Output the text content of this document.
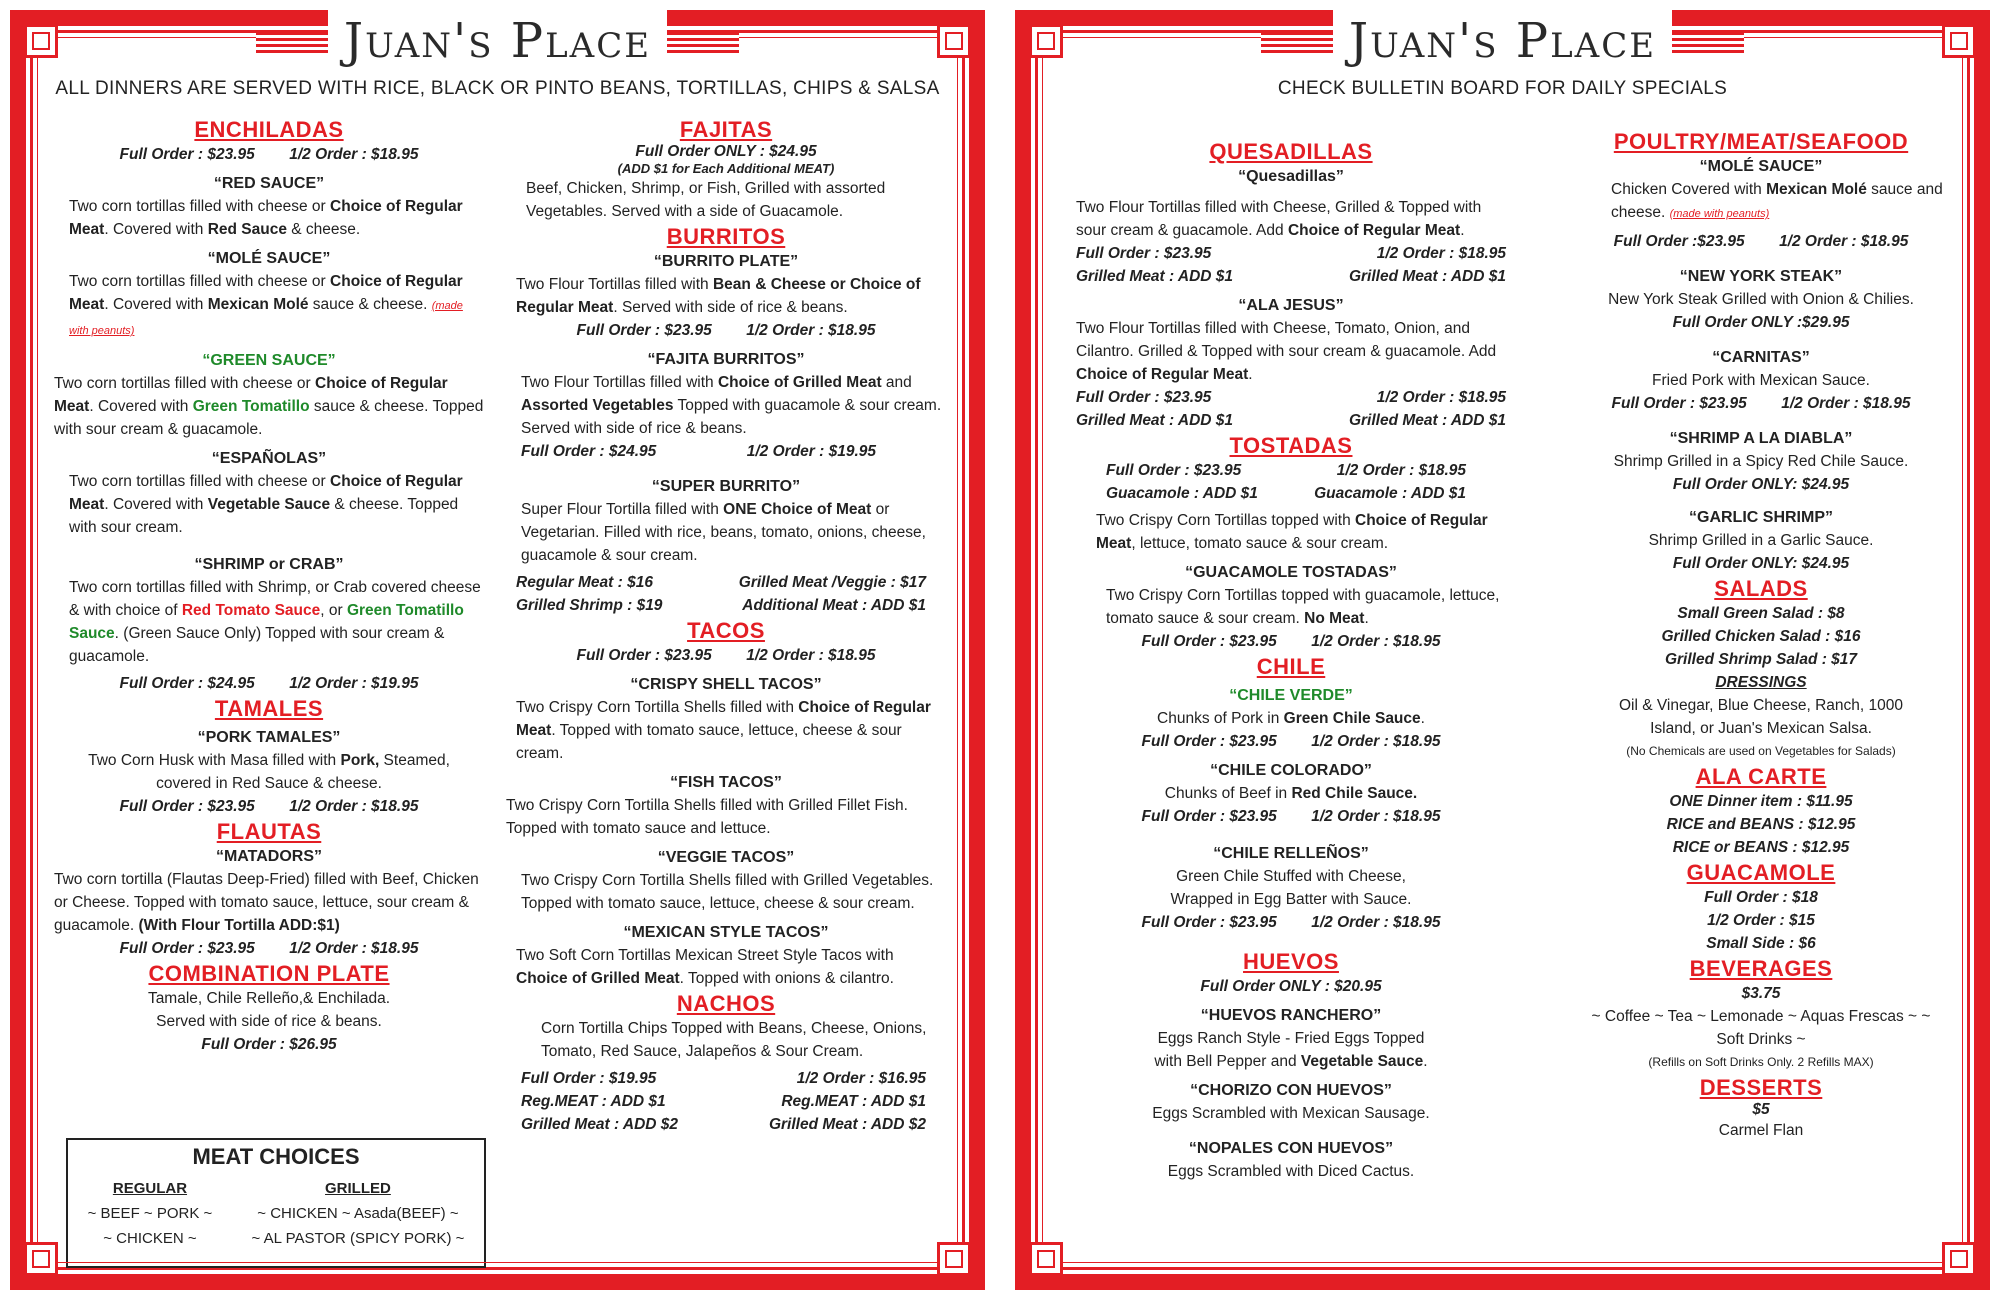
Juan's Place
ALL DINNERS ARE SERVED WITH RICE, BLACK OR PINTO BEANS, TORTILLAS, CHIPS & SALSA
ENCHILADAS
Full Order : $23.95        1/2 Order : $18.95
“RED SAUCE”
Two corn tortillas filled with cheese or Choice of Regular Meat. Covered with Red Sauce & cheese.
“MOLÉ SAUCE”
Two corn tortillas filled with cheese or Choice of Regular Meat. Covered with Mexican Molé sauce & cheese. (made with peanuts)
“GREEN SAUCE”
Two corn tortillas filled with cheese or Choice of Regular Meat. Covered with Green Tomatillo sauce & cheese. Topped with sour cream & guacamole.
“ESPAÑOLAS”
Two corn tortillas filled with cheese or Choice of Regular Meat. Covered with Vegetable Sauce & cheese. Topped with sour cream.
“SHRIMP or CRAB”
Two corn tortillas filled with Shrimp, or Crab covered cheese & with choice of Red Tomato Sauce, or Green Tomatillo Sauce. (Green Sauce Only) Topped with sour cream & guacamole.
Full Order : $24.95        1/2 Order : $19.95
TAMALES
“PORK TAMALES”
Two Corn Husk with Masa filled with Pork, Steamed, covered in Red Sauce & cheese.
Full Order : $23.95        1/2 Order : $18.95
FLAUTAS
“MATADORS”
Two corn tortilla (Flautas Deep-Fried) filled with Beef, Chicken or Cheese. Topped with tomato sauce, lettuce, sour cream & guacamole. (With Flour Tortilla ADD:$1)
Full Order : $23.95        1/2 Order : $18.95
COMBINATION PLATE
Tamale, Chile Relleño,& Enchilada. Served with side of rice & beans.
Full Order : $26.95
MEAT CHOICES
REGULAR
~ BEEF ~ PORK ~
~ CHICKEN ~
GRILLED
~ CHICKEN ~ Asada(BEEF) ~
~ AL PASTOR (SPICY PORK) ~
FAJITAS
Full Order ONLY : $24.95
(ADD $1 for Each Additional MEAT)
Beef, Chicken, Shrimp, or Fish, Grilled with assorted Vegetables. Served with a side of Guacamole.
BURRITOS
“BURRITO PLATE”
Two Flour Tortillas filled with Bean & Cheese or Choice of Regular Meat. Served with side of rice & beans.
Full Order : $23.95        1/2 Order : $18.95
“FAJITA BURRITOS”
Two Flour Tortillas filled with Choice of Grilled Meat and Assorted Vegetables Topped with guacamole & sour cream. Served with side of rice & beans.
Full Order : $24.95	1/2 Order : $19.95
“SUPER BURRITO”
Super Flour Tortilla filled with ONE Choice of Meat or Vegetarian. Filled with rice, beans, tomato, onions, cheese, guacamole & sour cream.
Regular Meat : $16	Grilled Meat /Veggie : $17
Grilled Shrimp : $19	Additional Meat : ADD $1
TACOS
Full Order : $23.95        1/2 Order : $18.95
“CRISPY SHELL TACOS”
Two Crispy Corn Tortilla Shells filled with Choice of Regular Meat. Topped with tomato sauce, lettuce, cheese & sour cream.
“FISH TACOS”
Two Crispy Corn Tortilla Shells filled with Grilled Fillet Fish. Topped with tomato sauce and lettuce.
“VEGGIE TACOS”
Two Crispy Corn Tortilla Shells filled with Grilled Vegetables. Topped with tomato sauce, lettuce, cheese & sour cream.
“MEXICAN STYLE TACOS”
Two Soft Corn Tortillas Mexican Street Style Tacos with Choice of Grilled Meat. Topped with onions & cilantro.
NACHOS
Corn Tortilla Chips Topped with Beans, Cheese, Onions, Tomato, Red Sauce, Jalapeños & Sour Cream.
Full Order : $19.95	1/2 Order : $16.95
Reg.MEAT : ADD $1	Reg.MEAT : ADD $1
Grilled Meat : ADD $2	Grilled Meat : ADD $2
Juan's Place
CHECK BULLETIN BOARD FOR DAILY SPECIALS
QUESADILLAS
“Quesadillas”
Two Flour Tortillas filled with Cheese, Grilled & Topped with sour cream & guacamole. Add Choice of Regular Meat.
Full Order : $23.95	1/2 Order : $18.95
Grilled Meat : ADD $1	Grilled Meat : ADD $1
“ALA JESUS”
Two Flour Tortillas filled with Cheese, Tomato, Onion, and Cilantro. Grilled & Topped with sour cream & guacamole. Add Choice of Regular Meat.
Full Order : $23.95	1/2 Order : $18.95
Grilled Meat : ADD $1	Grilled Meat : ADD $1
TOSTADAS
Full Order : $23.95	1/2 Order : $18.95
Guacamole : ADD $1	Guacamole : ADD $1
Two Crispy Corn Tortillas topped with Choice of Regular Meat, lettuce, tomato sauce & sour cream.
“GUACAMOLE TOSTADAS”
Two Crispy Corn Tortillas topped with guacamole, lettuce, tomato sauce & sour cream. No Meat.
Full Order : $23.95        1/2 Order : $18.95
CHILE
“CHILE VERDE”
Chunks of Pork in Green Chile Sauce.
Full Order : $23.95        1/2 Order : $18.95
“CHILE COLORADO”
Chunks of Beef in Red Chile Sauce.
Full Order : $23.95        1/2 Order : $18.95
“CHILE RELLEÑOS”
Green Chile Stuffed with Cheese, Wrapped in Egg Batter with Sauce.
Full Order : $23.95        1/2 Order : $18.95
HUEVOS
Full Order ONLY : $20.95
“HUEVOS RANCHERO”
Eggs Ranch Style - Fried Eggs Topped with Bell Pepper and Vegetable Sauce.
“CHORIZO CON HUEVOS”
Eggs Scrambled with Mexican Sausage.
“NOPALES CON HUEVOS”
Eggs Scrambled with Diced Cactus.
POULTRY/MEAT/SEAFOOD
“MOLÉ SAUCE”
Chicken Covered with Mexican Molé sauce and cheese. (made with peanuts)
Full Order :$23.95        1/2 Order : $18.95
“NEW YORK STEAK”
New York Steak Grilled with Onion & Chilies.
Full Order ONLY :$29.95
“CARNITAS”
Fried Pork with Mexican Sauce.
Full Order : $23.95        1/2 Order : $18.95
“SHRIMP A LA DIABLA”
Shrimp Grilled in a Spicy Red Chile Sauce.
Full Order ONLY: $24.95
“GARLIC SHRIMP”
Shrimp Grilled in a Garlic Sauce.
Full Order ONLY: $24.95
SALADS
Small Green Salad : $8
Grilled Chicken Salad : $16
Grilled Shrimp Salad : $17
DRESSINGS
Oil & Vinegar, Blue Cheese, Ranch, 1000 Island, or Juan's Mexican Salsa.
(No Chemicals are used on Vegetables for Salads)
ALA CARTE
ONE Dinner item : $11.95
RICE and BEANS : $12.95
RICE or BEANS : $12.95
GUACAMOLE
Full Order : $18
1/2 Order : $15
Small Side : $6
BEVERAGES
$3.75
~ Coffee ~ Tea ~ Lemonade ~ Aquas Frescas ~ ~ Soft Drinks ~
(Refills on Soft Drinks Only. 2 Refills MAX)
DESSERTS
$5
Carmel Flan
